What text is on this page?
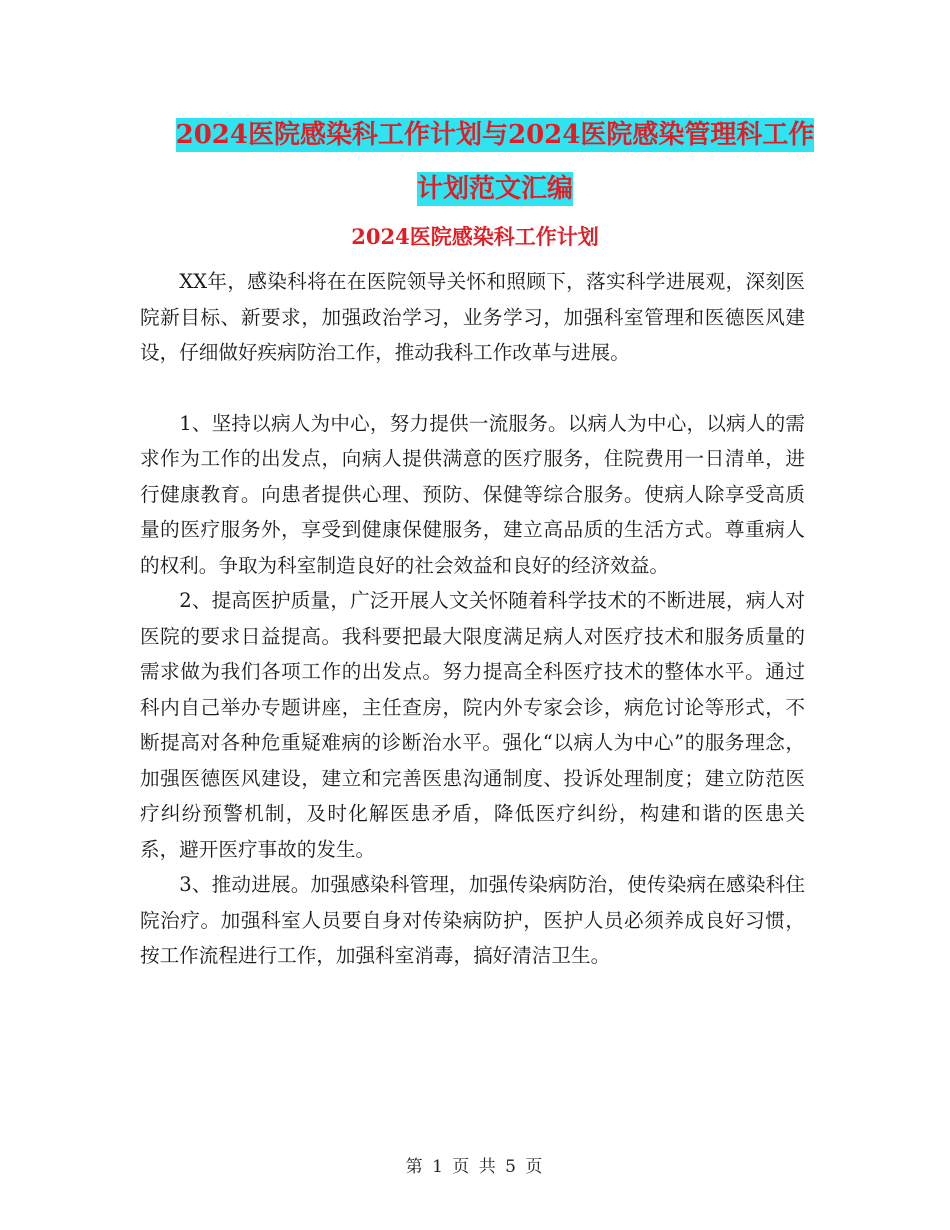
2024医院感染科工作计划与2024医院感染管理科工作
计划范文汇编
2024医院感染科工作计划

XX年，感染科将在在医院领导关怀和照顾下，落实科学进展观，深刻医院新目标、新要求，加强政治学习，业务学习，加强科室管理和医德医风建设，仔细做好疾病防治工作，推动我科工作改革与进展。

1、坚持以病人为中心，努力提供一流服务。以病人为中心，以病人的需求作为工作的出发点，向病人提供满意的医疗服务，住院费用一日清单，进行健康教育。向患者提供心理、预防、保健等综合服务。使病人除享受高质量的医疗服务外，享受到健康保健服务，建立高品质的生活方式。尊重病人的权利。争取为科室制造良好的社会效益和良好的经济效益。

2、提高医护质量，广泛开展人文关怀随着科学技术的不断进展，病人对医院的要求日益提高。我科要把最大限度满足病人对医疗技术和服务质量的需求做为我们各项工作的出发点。努力提高全科医疗技术的整体水平。通过科内自己举办专题讲座，主任查房，院内外专家会诊，病危讨论等形式，不断提高对各种危重疑难病的诊断治水平。强化“以病人为中心”的服务理念，加强医德医风建设，建立和完善医患沟通制度、投诉处理制度；建立防范医疗纠纷预警机制，及时化解医患矛盾，降低医疗纠纷，构建和谐的医患关系，避开医疗事故的发生。

3、推动进展。加强感染科管理，加强传染病防治，使传染病在感染科住院治疗。加强科室人员要自身对传染病防护，医护人员必须养成良好习惯，按工作流程进行工作，加强科室消毒，搞好清洁卫生。

第 1 页 共 5 页
